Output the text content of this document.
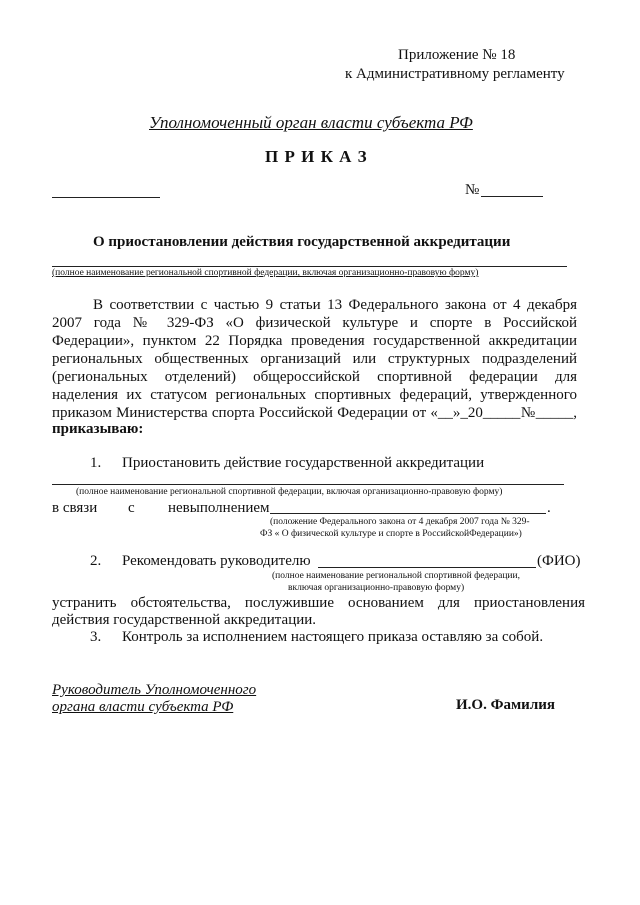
Приложение № 18
к Административному регламенту
Уполномоченный орган власти субъекта РФ
П Р И К А З
№
О приостановлении действия государственной аккредитации
(полное наименование региональной спортивной федерации, включая организационно-правовую форму)
В соответствии с частью 9 статьи 13 Федерального закона от 4 декабря
2007 года № 329-ФЗ «О физической культуре и спорте в Российской
Федерации», пунктом 22 Порядка проведения государственной аккредитации
региональных общественных организаций или структурных подразделений
(региональных отделений) общероссийской спортивной федерации для
наделения их статусом региональных спортивных федераций, утвержденного
приказом Министерства спорта Российской Федерации от «__»_20_____№_____,
приказываю:
1. Приостановить действие государственной аккредитации
(полное наименование региональной спортивной федерации, включая организационно-правовую форму)
в связи с невыполнением	.
(положение Федерального закона от 4 декабря 2007 года № 329-
ФЗ « О физической культуре и спорте в РоссийскойФедерации»)
2. Рекомендовать руководителю	(ФИО)
(полное наименование региональной спортивной федерации,
включая организационно-правовую форму)
устранить обстоятельства, послужившие основанием для приостановления
действия государственной аккредитации.
3. Контроль за исполнением настоящего приказа оставляю за собой.
Руководитель Уполномоченного
органа власти субъекта РФ	И.О. Фамилия
